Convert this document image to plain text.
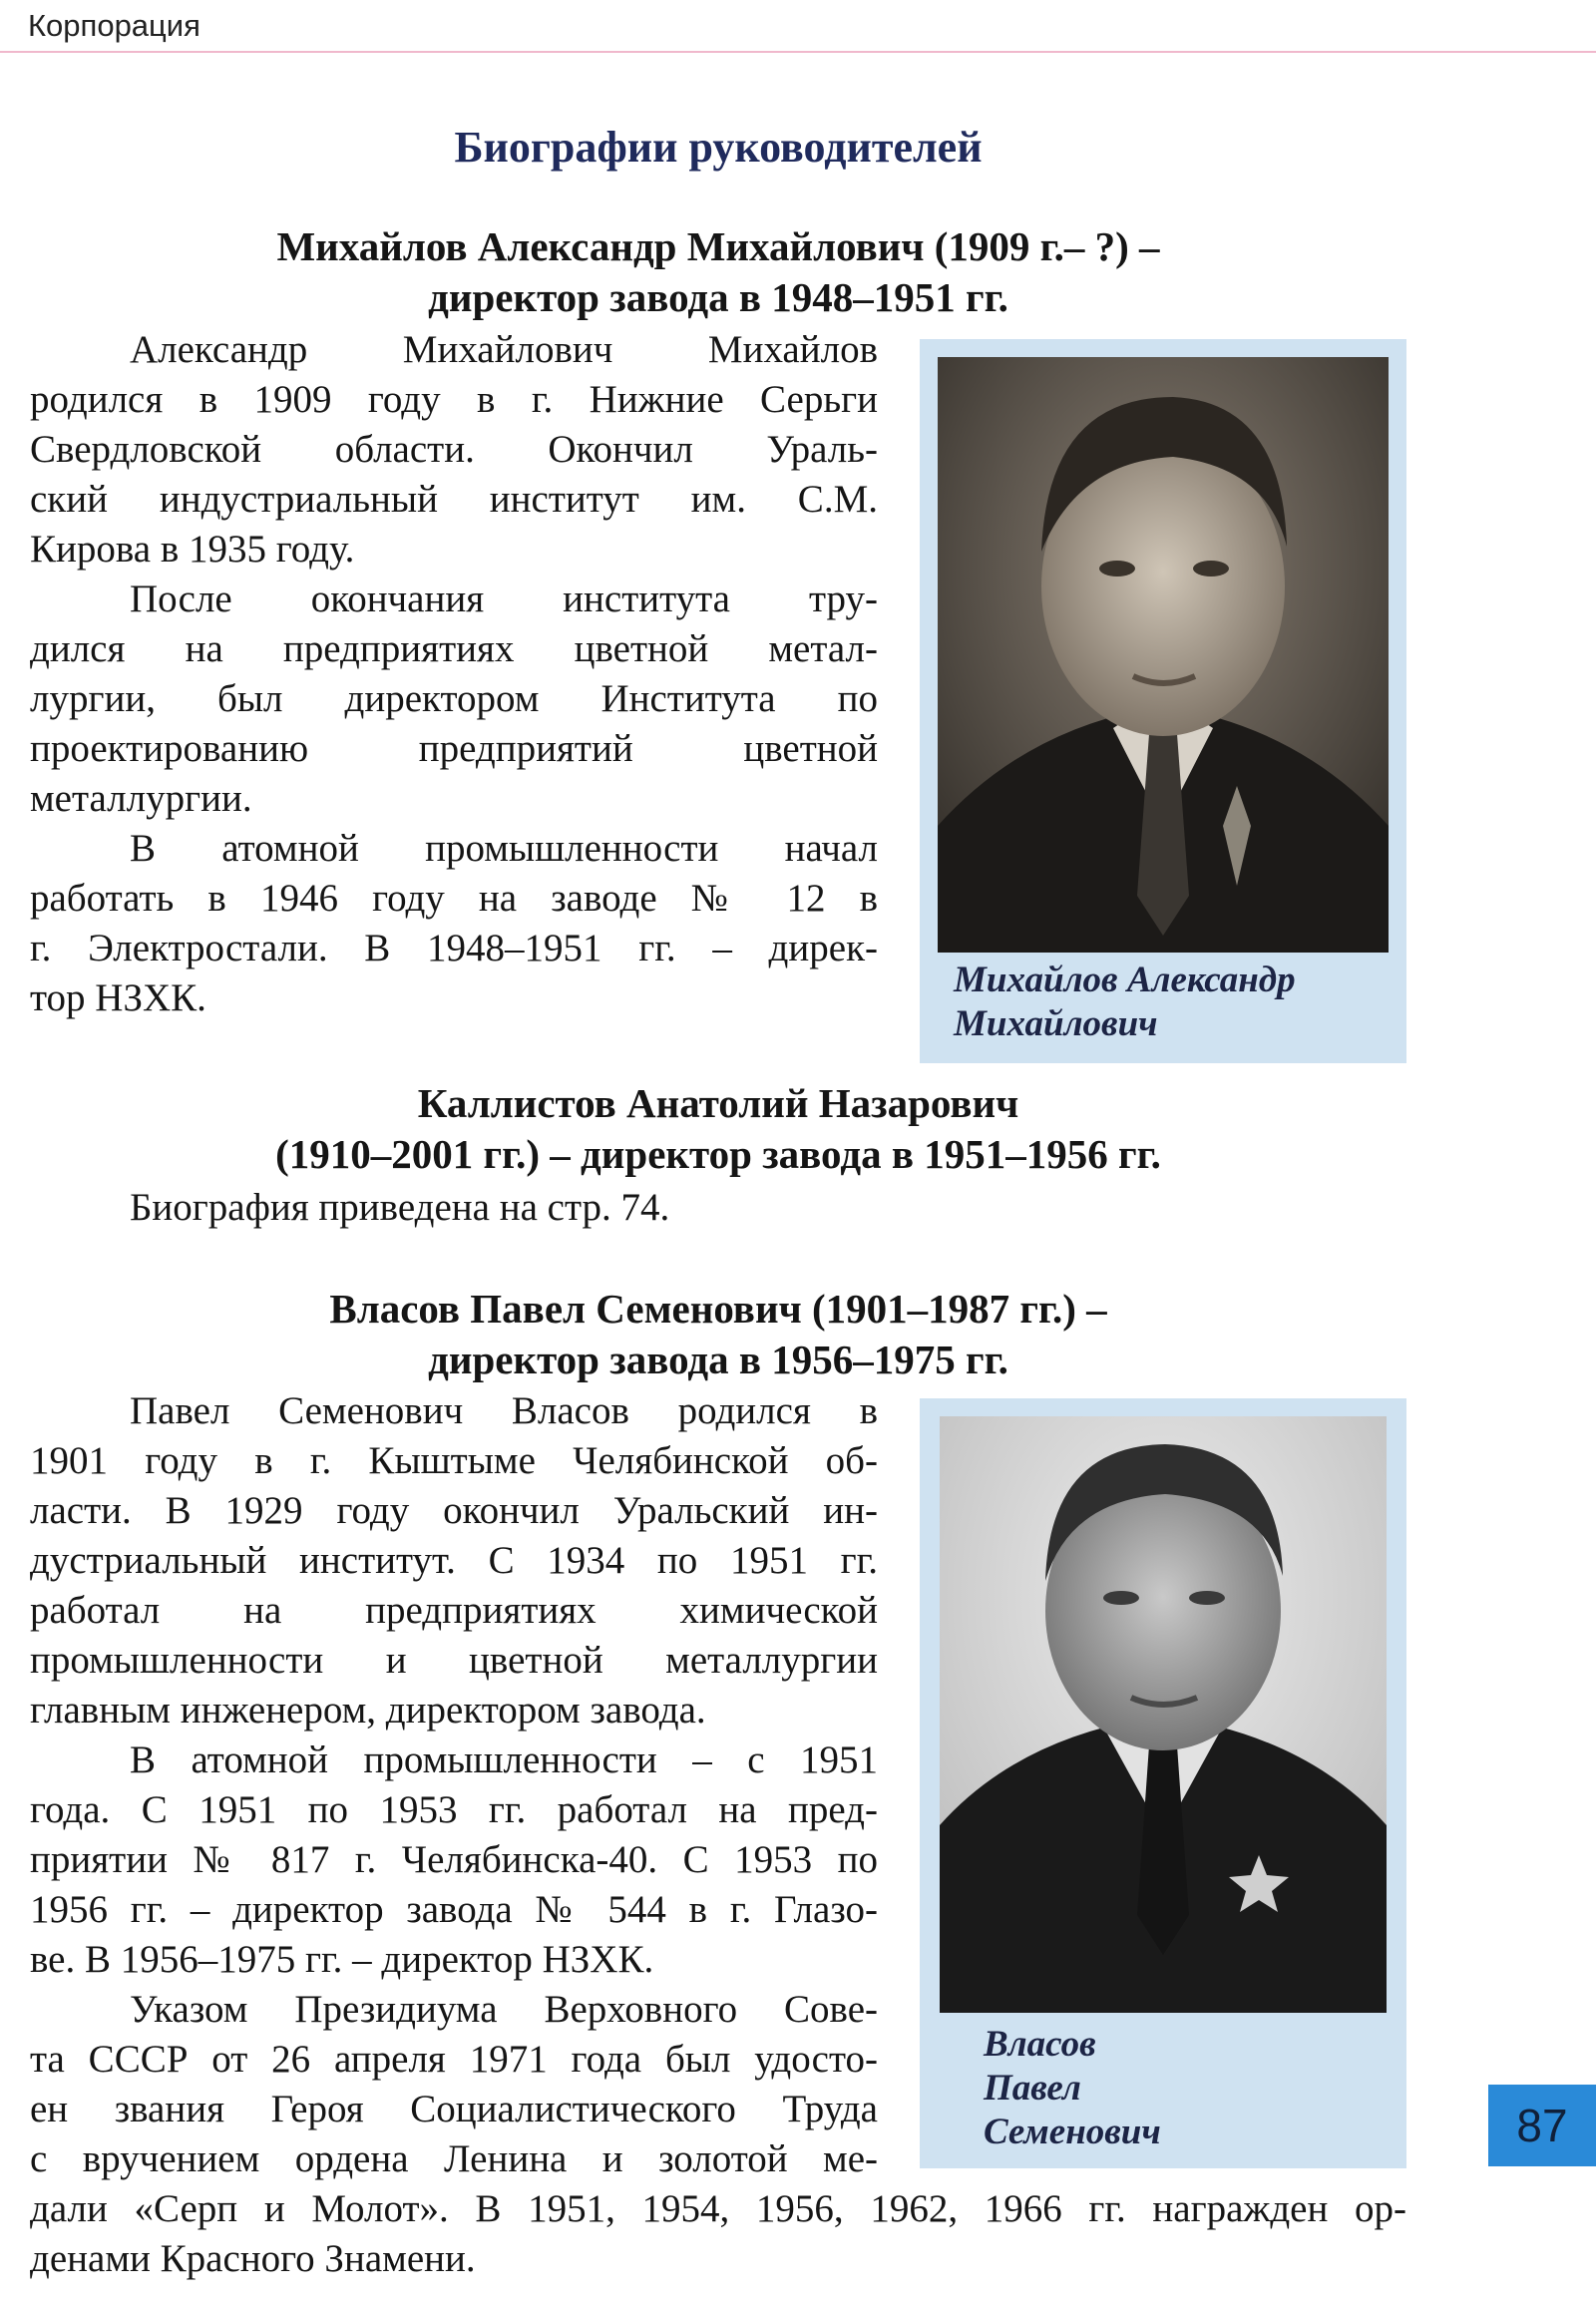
Корпорация
Биографии руководителей
Михайлов Александр Михайлович (1909 г.– ?) –
директор завода в 1948–1951 гг.
Александр Михайлович Михайлов
родился в 1909 году в г. Нижние Серьги
Свердловской области. Окончил Ураль-
ский индустриальный институт им. С.М.
Кирова в 1935 году.
После окончания института тру-
дился на предприятиях цветной метал-
лургии, был директором Института по
проектированию предприятий цветной
металлургии.
В атомной промышленности начал
работать в 1946 году на заводе № 12 в
г. Электростали. В 1948–1951 гг. – дирек-
тор НЗХК.	Михайлов Александр
Михайлович
Каллистов Анатолий Назарович
(1910–2001 гг.) – директор завода в 1951–1956 гг.
Биография приведена на стр. 74.
Власов Павел Семенович (1901–1987 гг.) –
директор завода в 1956–1975 гг.
Павел Семенович Власов родился в
1901 году в г. Кыштыме Челябинской об-
ласти. В 1929 году окончил Уральский ин-
дустриальный институт. С 1934 по 1951 гг.
работал на предприятиях химической
промышленности и цветной металлургии
главным инженером, директором завода.
В атомной промышленности – с 1951
года. С 1951 по 1953 гг. работал на пред-
приятии № 817 г. Челябинска-40. С 1953 по
1956 гг. – директор завода № 544 в г. Глазо-
ве. В 1956–1975 гг. – директор НЗХК.
Указом Президиума Верховного Сове-
та СССР от 26 апреля 1971 года был удосто-
ен звания Героя Социалистического Труда
с вручением ордена Ленина и золотой ме-
дали «Серп и Молот». В 1951, 1954, 1956, 1962, 1966 гг. награжден ор-
денами Красного Знамени.
Власов
Павел
Семенович	87
